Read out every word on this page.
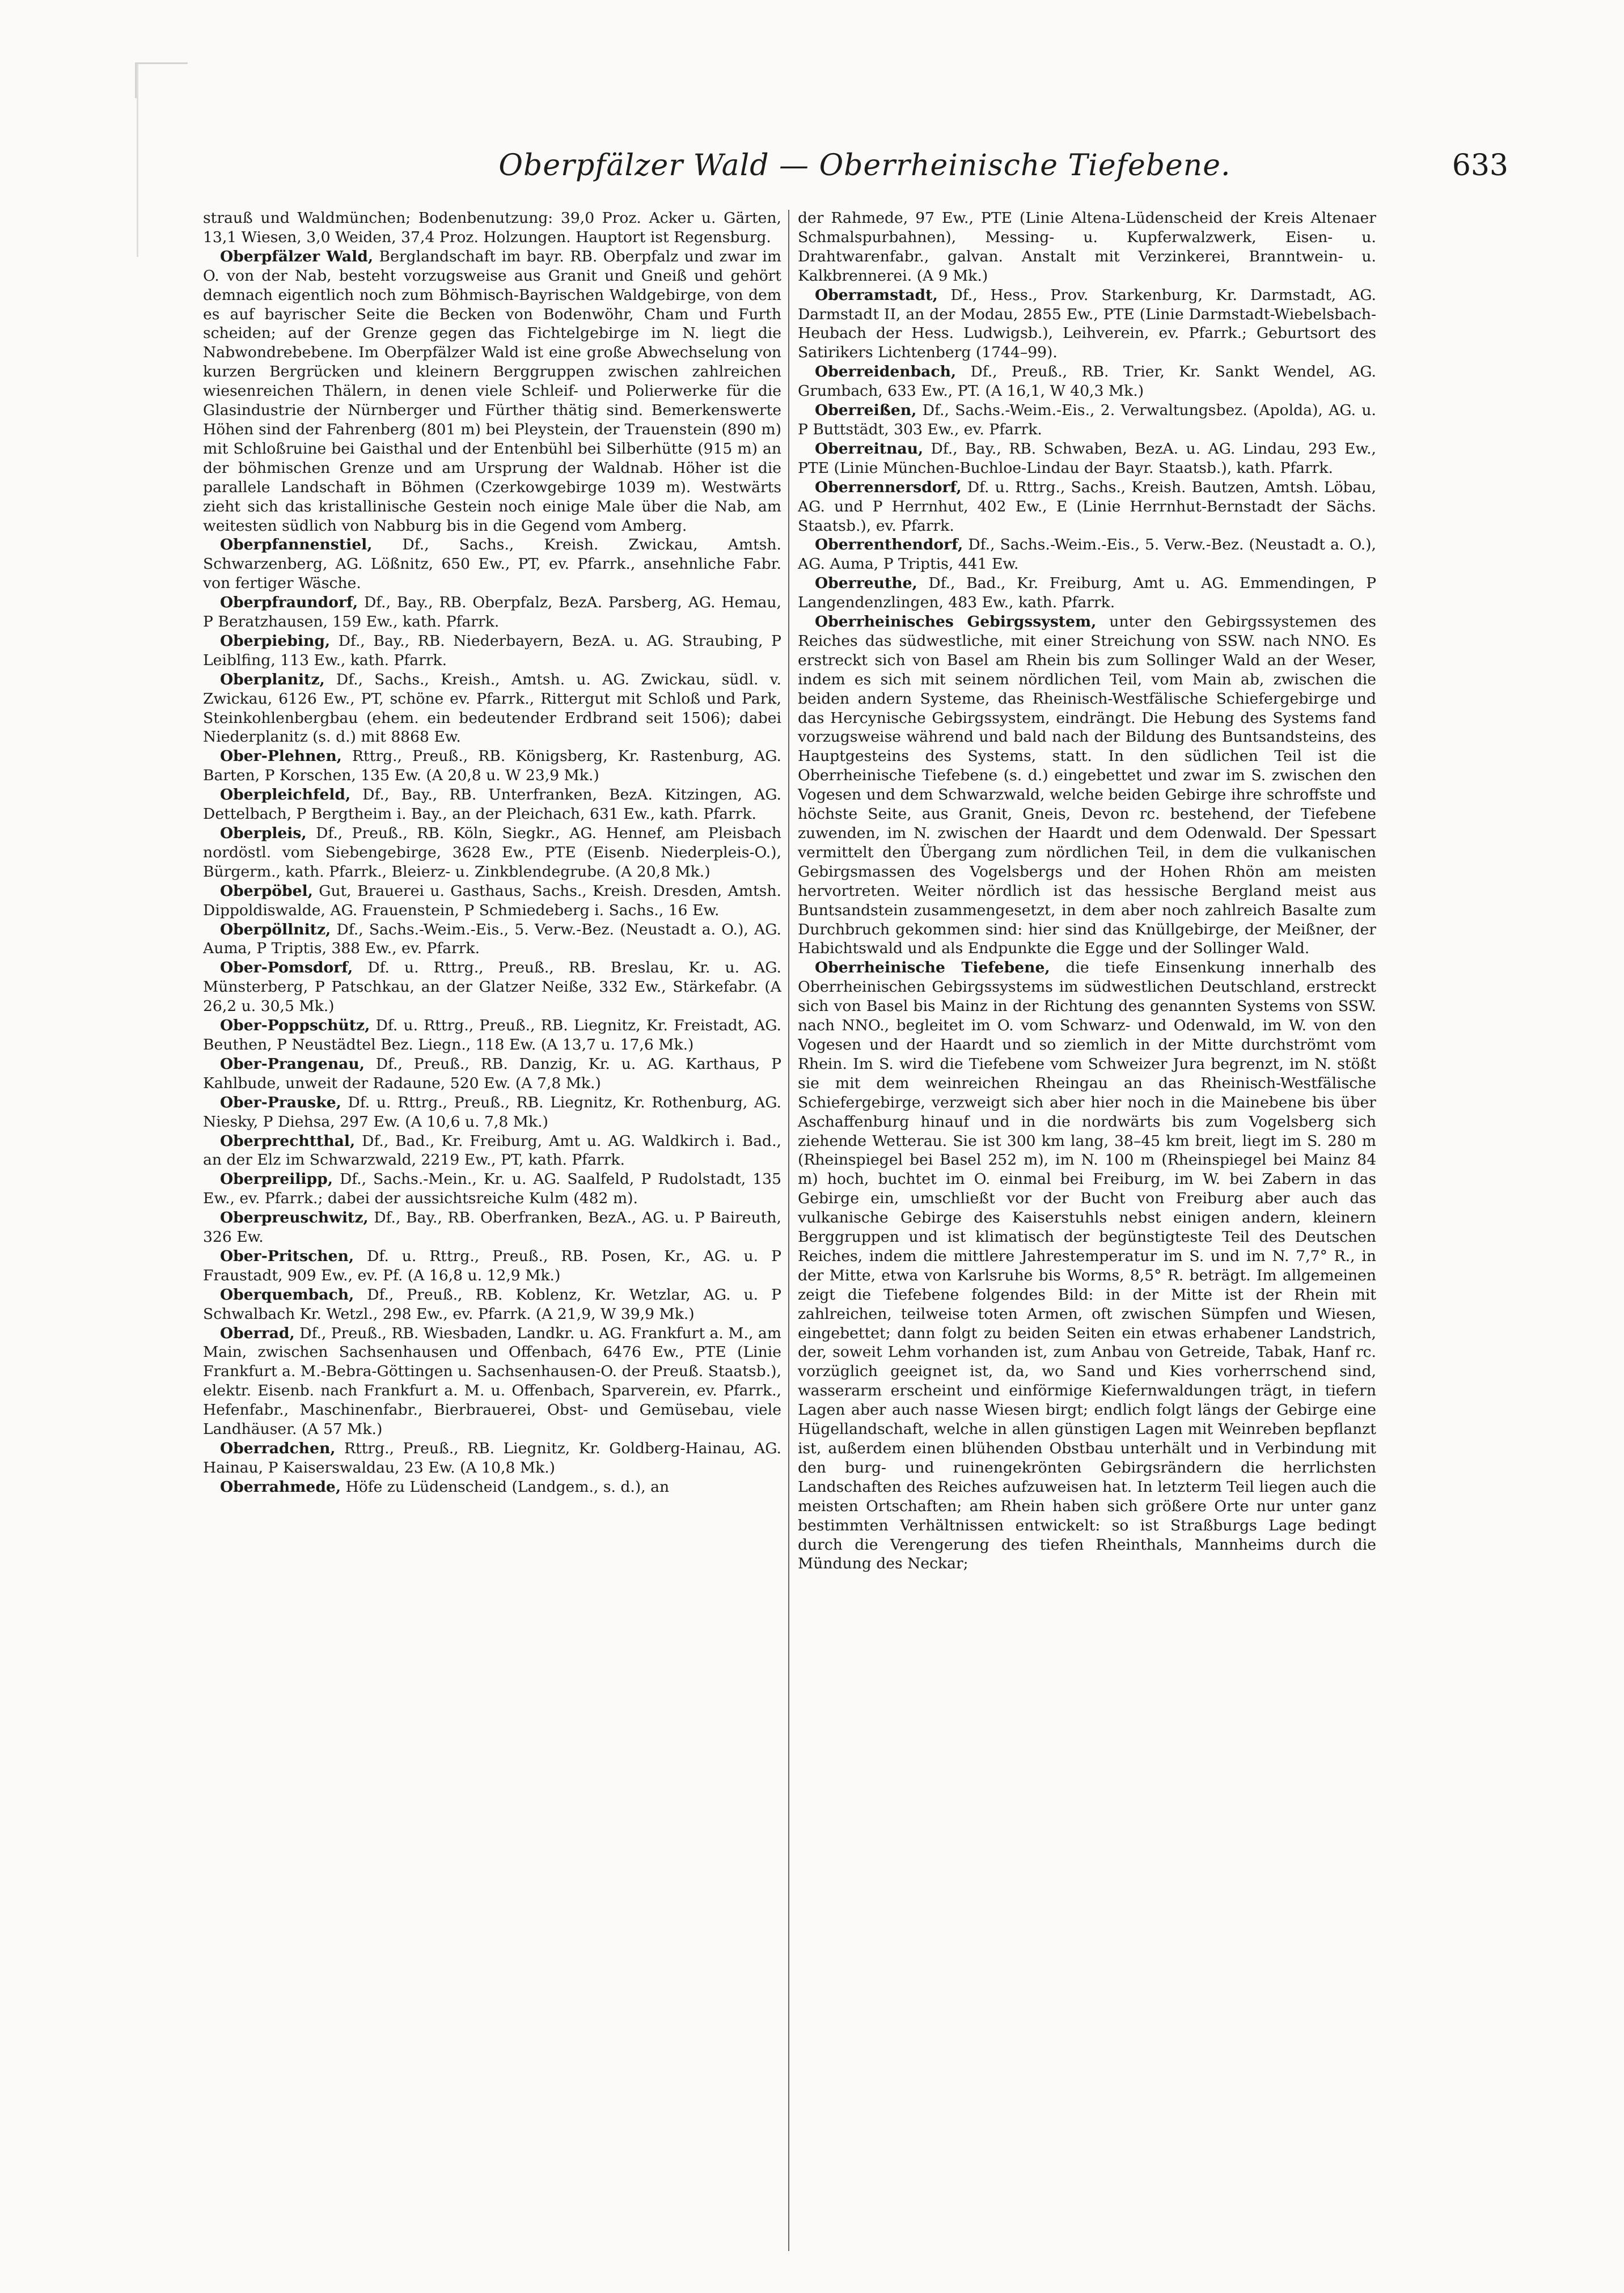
Oberpfälzer Wald — Oberrheinische Tiefebene.	633

strauß und Waldmünchen; Bodenbenutzung: 39,0 Proz. Acker u. Gärten, 13,1 Wiesen, 3,0 Weiden, 37,4 Proz. Holzungen. Hauptort ist Regensburg.

Oberpfälzer Wald, Berglandschaft im bayr. RB. Oberpfalz und zwar im O. von der Nab, besteht vorzugsweise aus Granit und Gneiß und gehört demnach eigentlich noch zum Böhmisch-Bayrischen Waldgebirge, von dem es auf bayrischer Seite die Becken von Bodenwöhr, Cham und Furth scheiden; auf der Grenze gegen das Fichtelgebirge im N. liegt die Nabwondrebebene. Im Oberpfälzer Wald ist eine große Abwechselung von kurzen Bergrücken und kleinern Berggruppen zwischen zahlreichen wiesenreichen Thälern, in denen viele Schleif- und Polierwerke für die Glasindustrie der Nürnberger und Fürther thätig sind. Bemerkenswerte Höhen sind der Fahrenberg (801 m) bei Pleystein, der Trauenstein (890 m) mit Schloßruine bei Gaisthal und der Entenbühl bei Silberhütte (915 m) an der böhmischen Grenze und am Ursprung der Waldnab. Höher ist die parallele Landschaft in Böhmen (Czerkowgebirge 1039 m). Westwärts zieht sich das kristallinische Gestein noch einige Male über die Nab, am weitesten südlich von Nabburg bis in die Gegend vom Amberg.

Oberpfannenstiel, Df., Sachs., Kreish. Zwickau, Amtsh. Schwarzenberg, AG. Lößnitz, 650 Ew., PT, ev. Pfarrk., ansehnliche Fabr. von fertiger Wäsche.

Oberpfraundorf, Df., Bay., RB. Oberpfalz, BezA. Parsberg, AG. Hemau, P Beratzhausen, 159 Ew., kath. Pfarrk.

Oberpiebing, Df., Bay., RB. Niederbayern, BezA. u. AG. Straubing, P Leiblfing, 113 Ew., kath. Pfarrk.

Oberplanitz, Df., Sachs., Kreish., Amtsh. u. AG. Zwickau, südl. v. Zwickau, 6126 Ew., PT, schöne ev. Pfarrk., Rittergut mit Schloß und Park, Steinkohlenbergbau (ehem. ein bedeutender Erdbrand seit 1506); dabei Niederplanitz (s. d.) mit 8868 Ew.

Ober-Plehnen, Rttrg., Preuß., RB. Königsberg, Kr. Rastenburg, AG. Barten, P Korschen, 135 Ew. (A 20,8 u. W 23,9 Mk.)

Oberpleichfeld, Df., Bay., RB. Unterfranken, BezA. Kitzingen, AG. Dettelbach, P Bergtheim i. Bay., an der Pleichach, 631 Ew., kath. Pfarrk.

Oberpleis, Df., Preuß., RB. Köln, Siegkr., AG. Hennef, am Pleisbach nordöstl. vom Siebengebirge, 3628 Ew., PTE (Eisenb. Niederpleis-O.), Bürgerm., kath. Pfarrk., Bleierz- u. Zinkblendegrube. (A 20,8 Mk.)

Oberpöbel, Gut, Brauerei u. Gasthaus, Sachs., Kreish. Dresden, Amtsh. Dippoldiswalde, AG. Frauenstein, P Schmiedeberg i. Sachs., 16 Ew.

Oberpöllnitz, Df., Sachs.-Weim.-Eis., 5. Verw.-Bez. (Neustadt a. O.), AG. Auma, P Triptis, 388 Ew., ev. Pfarrk.

Ober-Pomsdorf, Df. u. Rttrg., Preuß., RB. Breslau, Kr. u. AG. Münsterberg, P Patschkau, an der Glatzer Neiße, 332 Ew., Stärkefabr. (A 26,2 u. 30,5 Mk.)

Ober-Poppschütz, Df. u. Rttrg., Preuß., RB. Liegnitz, Kr. Freistadt, AG. Beuthen, P Neustädtel Bez. Liegn., 118 Ew. (A 13,7 u. 17,6 Mk.)

Ober-Prangenau, Df., Preuß., RB. Danzig, Kr. u. AG. Karthaus, P Kahlbude, unweit der Radaune, 520 Ew. (A 7,8 Mk.)

Ober-Prauske, Df. u. Rttrg., Preuß., RB. Liegnitz, Kr. Rothenburg, AG. Niesky, P Diehsa, 297 Ew. (A 10,6 u. 7,8 Mk.)

Oberprechtthal, Df., Bad., Kr. Freiburg, Amt u. AG. Waldkirch i. Bad., an der Elz im Schwarzwald, 2219 Ew., PT, kath. Pfarrk.

Oberpreilipp, Df., Sachs.-Mein., Kr. u. AG. Saalfeld, P Rudolstadt, 135 Ew., ev. Pfarrk.; dabei der aussichtsreiche Kulm (482 m).

Oberpreuschwitz, Df., Bay., RB. Oberfranken, BezA., AG. u. P Baireuth, 326 Ew.

Ober-Pritschen, Df. u. Rttrg., Preuß., RB. Posen, Kr., AG. u. P Fraustadt, 909 Ew., ev. Pf. (A 16,8 u. 12,9 Mk.)

Oberquembach, Df., Preuß., RB. Koblenz, Kr. Wetzlar, AG. u. P Schwalbach Kr. Wetzl., 298 Ew., ev. Pfarrk. (A 21,9, W 39,9 Mk.)

Oberrad, Df., Preuß., RB. Wiesbaden, Landkr. u. AG. Frankfurt a. M., am Main, zwischen Sachsenhausen und Offenbach, 6476 Ew., PTE (Linie Frankfurt a. M.-Bebra-Göttingen u. Sachsenhausen-O. der Preuß. Staatsb.), elektr. Eisenb. nach Frankfurt a. M. u. Offenbach, Sparverein, ev. Pfarrk., Hefenfabr., Maschinenfabr., Bierbrauerei, Obst- und Gemüsebau, viele Landhäuser. (A 57 Mk.)

Oberradchen, Rttrg., Preuß., RB. Liegnitz, Kr. Goldberg-Hainau, AG. Hainau, P Kaiserswaldau, 23 Ew. (A 10,8 Mk.)

Oberrahmede, Höfe zu Lüdenscheid (Landgem., s. d.), an

der Rahmede, 97 Ew., PTE (Linie Altena-Lüdenscheid der Kreis Altenaer Schmalspurbahnen), Messing- u. Kupferwalzwerk, Eisen- u. Drahtwarenfabr., galvan. Anstalt mit Verzinkerei, Branntwein- u. Kalkbrennerei. (A 9 Mk.)

Oberramstadt, Df., Hess., Prov. Starkenburg, Kr. Darmstadt, AG. Darmstadt II, an der Modau, 2855 Ew., PTE (Linie Darmstadt-Wiebelsbach-Heubach der Hess. Ludwigsb.), Leihverein, ev. Pfarrk.; Geburtsort des Satirikers Lichtenberg (1744–99).

Oberreidenbach, Df., Preuß., RB. Trier, Kr. Sankt Wendel, AG. Grumbach, 633 Ew., PT. (A 16,1, W 40,3 Mk.)

Oberreißen, Df., Sachs.-Weim.-Eis., 2. Verwaltungsbez. (Apolda), AG. u. P Buttstädt, 303 Ew., ev. Pfarrk.

Oberreitnau, Df., Bay., RB. Schwaben, BezA. u. AG. Lindau, 293 Ew., PTE (Linie München-Buchloe-Lindau der Bayr. Staatsb.), kath. Pfarrk.

Oberrennersdorf, Df. u. Rttrg., Sachs., Kreish. Bautzen, Amtsh. Löbau, AG. und P Herrnhut, 402 Ew., E (Linie Herrnhut-Bernstadt der Sächs. Staatsb.), ev. Pfarrk.

Oberrenthendorf, Df., Sachs.-Weim.-Eis., 5. Verw.-Bez. (Neustadt a. O.), AG. Auma, P Triptis, 441 Ew.

Oberreuthe, Df., Bad., Kr. Freiburg, Amt u. AG. Emmendingen, P Langendenzlingen, 483 Ew., kath. Pfarrk.

Oberrheinisches Gebirgssystem, unter den Gebirgssystemen des Reiches das südwestliche, mit einer Streichung von SSW. nach NNO. Es erstreckt sich von Basel am Rhein bis zum Sollinger Wald an der Weser, indem es sich mit seinem nördlichen Teil, vom Main ab, zwischen die beiden andern Systeme, das Rheinisch-Westfälische Schiefergebirge und das Hercynische Gebirgssystem, eindrängt. Die Hebung des Systems fand vorzugsweise während und bald nach der Bildung des Buntsandsteins, des Hauptgesteins des Systems, statt. In den südlichen Teil ist die Oberrheinische Tiefebene (s. d.) eingebettet und zwar im S. zwischen den Vogesen und dem Schwarzwald, welche beiden Gebirge ihre schroffste und höchste Seite, aus Granit, Gneis, Devon rc. bestehend, der Tiefebene zuwenden, im N. zwischen der Haardt und dem Odenwald. Der Spessart vermittelt den Übergang zum nördlichen Teil, in dem die vulkanischen Gebirgsmassen des Vogelsbergs und der Hohen Rhön am meisten hervortreten. Weiter nördlich ist das hessische Bergland meist aus Buntsandstein zusammengesetzt, in dem aber noch zahlreich Basalte zum Durchbruch gekommen sind: hier sind das Knüllgebirge, der Meißner, der Habichtswald und als Endpunkte die Egge und der Sollinger Wald.

Oberrheinische Tiefebene, die tiefe Einsenkung innerhalb des Oberrheinischen Gebirgssystems im südwestlichen Deutschland, erstreckt sich von Basel bis Mainz in der Richtung des genannten Systems von SSW. nach NNO., begleitet im O. vom Schwarz- und Odenwald, im W. von den Vogesen und der Haardt und so ziemlich in der Mitte durchströmt vom Rhein. Im S. wird die Tiefebene vom Schweizer Jura begrenzt, im N. stößt sie mit dem weinreichen Rheingau an das Rheinisch-Westfälische Schiefergebirge, verzweigt sich aber hier noch in die Mainebene bis über Aschaffenburg hinauf und in die nordwärts bis zum Vogelsberg sich ziehende Wetterau. Sie ist 300 km lang, 38–45 km breit, liegt im S. 280 m (Rheinspiegel bei Basel 252 m), im N. 100 m (Rheinspiegel bei Mainz 84 m) hoch, buchtet im O. einmal bei Freiburg, im W. bei Zabern in das Gebirge ein, umschließt vor der Bucht von Freiburg aber auch das vulkanische Gebirge des Kaiserstuhls nebst einigen andern, kleinern Berggruppen und ist klimatisch der begünstigteste Teil des Deutschen Reiches, indem die mittlere Jahrestemperatur im S. und im N. 7,7° R., in der Mitte, etwa von Karlsruhe bis Worms, 8,5° R. beträgt. Im allgemeinen zeigt die Tiefebene folgendes Bild: in der Mitte ist der Rhein mit zahlreichen, teilweise toten Armen, oft zwischen Sümpfen und Wiesen, eingebettet; dann folgt zu beiden Seiten ein etwas erhabener Landstrich, der, soweit Lehm vorhanden ist, zum Anbau von Getreide, Tabak, Hanf rc. vorzüglich geeignet ist, da, wo Sand und Kies vorherrschend sind, wasserarm erscheint und einförmige Kiefernwaldungen trägt, in tiefern Lagen aber auch nasse Wiesen birgt; endlich folgt längs der Gebirge eine Hügellandschaft, welche in allen günstigen Lagen mit Weinreben bepflanzt ist, außerdem einen blühenden Obstbau unterhält und in Verbindung mit den burg- und ruinengekrönten Gebirgsrändern die herrlichsten Landschaften des Reiches aufzuweisen hat. In letzterm Teil liegen auch die meisten Ortschaften; am Rhein haben sich größere Orte nur unter ganz bestimmten Verhältnissen entwickelt: so ist Straßburgs Lage bedingt durch die Verengerung des tiefen Rheinthals, Mannheims durch die Mündung des Neckar;
